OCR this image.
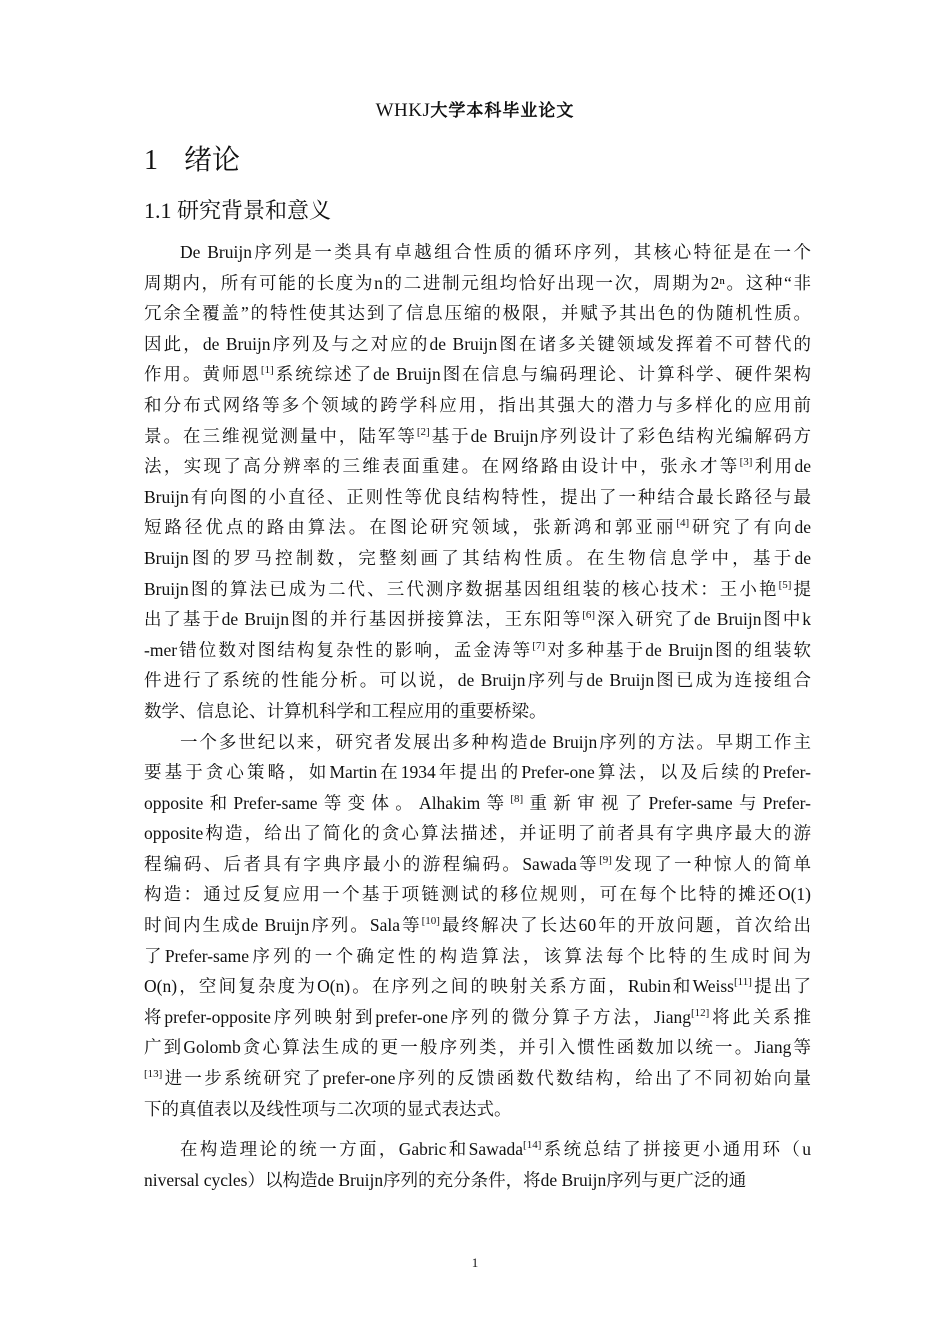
WHKJ大学本科毕业论文
1 绪论
1.1 研究背景和意义
De Bruijn序列是一类具有卓越组合性质的循环序列，其核心特征是在一个
周期内，所有可能的长度为n的二进制元组均恰好出现一次，周期为2ⁿ。这种“非
冗余全覆盖”的特性使其达到了信息压缩的极限，并赋予其出色的伪随机性质。
因此，de Bruijn序列及与之对应的de Bruijn图在诸多关键领域发挥着不可替代的
作用。黄师恩[1]系统综述了de Bruijn图在信息与编码理论、计算科学、硬件架构
和分布式网络等多个领域的跨学科应用，指出其强大的潜力与多样化的应用前
景。在三维视觉测量中，陆军等[2]基于de Bruijn序列设计了彩色结构光编解码方
法，实现了高分辨率的三维表面重建。在网络路由设计中，张永才等[3]利用de
Bruijn有向图的小直径、正则性等优良结构特性，提出了一种结合最长路径与最
短路径优点的路由算法。在图论研究领域，张新鸿和郭亚丽[4]研究了有向de
Bruijn图的罗马控制数，完整刻画了其结构性质。在生物信息学中，基于de
Bruijn图的算法已成为二代、三代测序数据基因组组装的核心技术：王小艳[5]提
出了基于de Bruijn图的并行基因拼接算法，王东阳等[6]深入研究了de Bruijn图中k
-mer错位数对图结构复杂性的影响，孟金涛等[7]对多种基于de Bruijn图的组装软
件进行了系统的性能分析。可以说，de Bruijn序列与de Bruijn图已成为连接组合
数学、信息论、计算机科学和工程应用的重要桥梁。
一个多世纪以来，研究者发展出多种构造de Bruijn序列的方法。早期工作主
要基于贪心策略，如Martin在1934年提出的Prefer-one算法，以及后续的Prefer-
opposite和Prefer-same等变体。Alhakim等[8]重新审视了Prefer-same与Prefer-
opposite构造，给出了简化的贪心算法描述，并证明了前者具有字典序最大的游
程编码、后者具有字典序最小的游程编码。Sawada等[9]发现了一种惊人的简单
构造：通过反复应用一个基于项链测试的移位规则，可在每个比特的摊还O(1)
时间内生成de Bruijn序列。Sala等[10]最终解决了长达60年的开放问题，首次给出
了Prefer-same序列的一个确定性的构造算法，该算法每个比特的生成时间为
O(n)，空间复杂度为O(n)。在序列之间的映射关系方面，Rubin和Weiss[11]提出了
将prefer-opposite序列映射到prefer-one序列的微分算子方法，Jiang[12]将此关系推
广到Golomb贪心算法生成的更一般序列类，并引入惯性函数加以统一。Jiang等
[13]进一步系统研究了prefer-one序列的反馈函数代数结构，给出了不同初始向量
下的真值表以及线性项与二次项的显式表达式。
在构造理论的统一方面，Gabric和Sawada[14]系统总结了拼接更小通用环（u
niversal cycles）以构造de Bruijn序列的充分条件，将de Bruijn序列与更广泛的通
1
